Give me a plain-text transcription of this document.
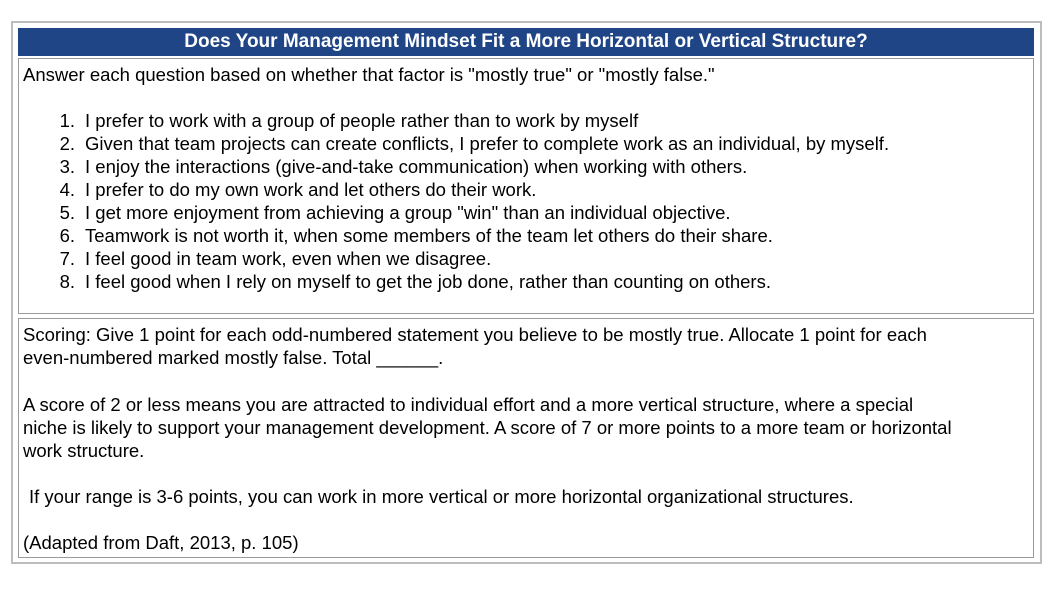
Does Your Management Mindset Fit a More Horizontal or Vertical Structure?
Answer each question based on whether that factor is "mostly true" or "mostly false."
1. I prefer to work with a group of people rather than to work by myself
2. Given that team projects can create conflicts, I prefer to complete work as an individual, by myself.
3. I enjoy the interactions (give-and-take communication) when working with others.
4. I prefer to do my own work and let others do their work.
5. I get more enjoyment from achieving a group "win" than an individual objective.
6. Teamwork is not worth it, when some members of the team let others do their share.
7. I feel good in team work, even when we disagree.
8. I feel good when I rely on myself to get the job done, rather than counting on others.
Scoring: Give 1 point for each odd-numbered statement you believe to be mostly true. Allocate 1 point for each
even-numbered marked mostly false. Total ______.
A score of 2 or less means you are attracted to individual effort and a more vertical structure, where a special
niche is likely to support your management development. A score of 7 or more points to a more team or horizontal
work structure.
If your range is 3-6 points, you can work in more vertical or more horizontal organizational structures.
(Adapted from Daft, 2013, p. 105)
